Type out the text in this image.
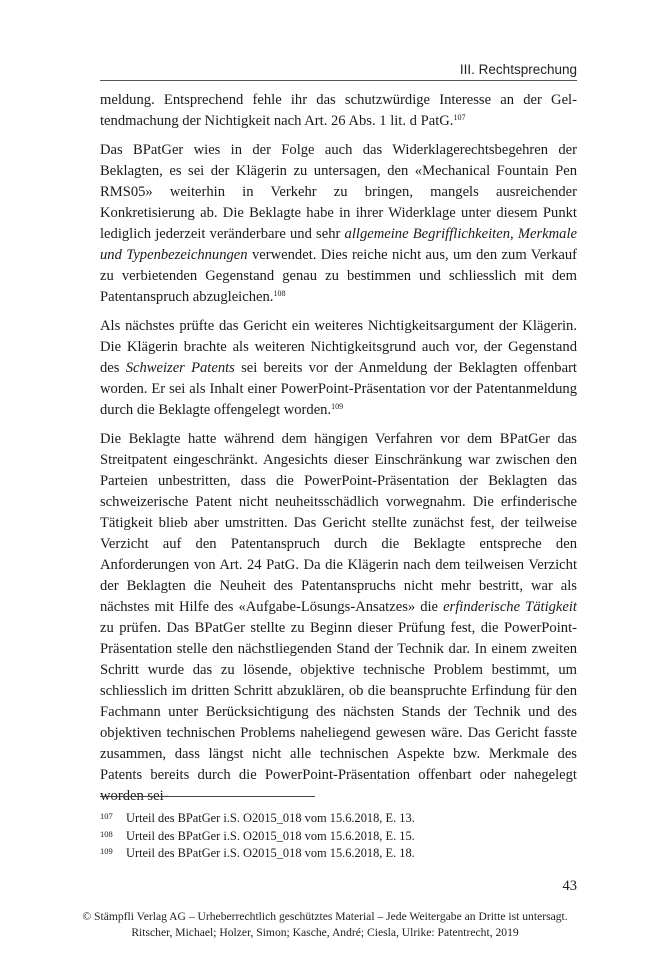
III. Rechtsprechung

meldung. Entsprechend fehle ihr das schutzwürdige Interesse an der Geltendmachung der Nichtigkeit nach Art. 26 Abs. 1 lit. d PatG.$^{107}$

Das BPatGer wies in der Folge auch das Widerklagerechtsbegehren der Beklagten, es sei der Klägerin zu untersagen, den «Mechanical Fountain Pen RMS05» weiterhin in Verkehr zu bringen, mangels ausreichender Konkretisierung ab. Die Beklagte habe in ihrer Widerklage unter diesem Punkt lediglich jederzeit veränderbare und sehr allgemeine Begrifflichkeiten, Merkmale und Typenbezeichnungen verwendet. Dies reiche nicht aus, um den zum Verkauf zu verbietenden Gegenstand genau zu bestimmen und schliesslich mit dem Patentanspruch abzugleichen.$^{108}$

Als nächstes prüfte das Gericht ein weiteres Nichtigkeitsargument der Klägerin. Die Klägerin brachte als weiteren Nichtigkeitsgrund auch vor, der Gegenstand des Schweizer Patents sei bereits vor der Anmeldung der Beklagten offenbart worden. Er sei als Inhalt einer PowerPoint-Präsentation vor der Patentanmeldung durch die Beklagte offengelegt worden.$^{109}$

Die Beklagte hatte während dem hängigen Verfahren vor dem BPatGer das Streitpatent eingeschränkt. Angesichts dieser Einschränkung war zwischen den Parteien unbestritten, dass die PowerPoint-Präsentation der Beklagten das schweizerische Patent nicht neuheitsschädlich vorwegnahm. Die erfinderische Tätigkeit blieb aber umstritten. Das Gericht stellte zunächst fest, der teilweise Verzicht auf den Patentanspruch durch die Beklagte entspreche den Anforderungen von Art. 24 PatG. Da die Klägerin nach dem teilweisen Verzicht der Beklagten die Neuheit des Patentanspruchs nicht mehr bestritt, war als nächstes mit Hilfe des «Aufgabe-Lösungs-Ansatzes» die erfinderische Tätigkeit zu prüfen. Das BPatGer stellte zu Beginn dieser Prüfung fest, die PowerPoint-Präsentation stelle den nächstliegenden Stand der Technik dar. In einem zweiten Schritt wurde das zu lösende, objektive technische Problem bestimmt, um schliesslich im dritten Schritt abzuklären, ob die beanspruchte Erfindung für den Fachmann unter Berücksichtigung des nächsten Stands der Technik und des objektiven technischen Problems naheliegend gewesen wäre. Das Gericht fasste zusammen, dass längst nicht alle technischen Aspekte bzw. Merkmale des Patents bereits durch die PowerPoint-Präsentation offenbart oder nahegelegt worden sei-

107	Urteil des BPatGer i.S. O2015_018 vom 15.6.2018, E. 13.
108	Urteil des BPatGer i.S. O2015_018 vom 15.6.2018, E. 15.
109	Urteil des BPatGer i.S. O2015_018 vom 15.6.2018, E. 18.
43
© Stämpfli Verlag AG – Urheberrechtlich geschütztes Material – Jede Weitergabe an Dritte ist untersagt.
Ritscher, Michael; Holzer, Simon; Kasche, André; Ciesla, Ulrike: Patentrecht, 2019
